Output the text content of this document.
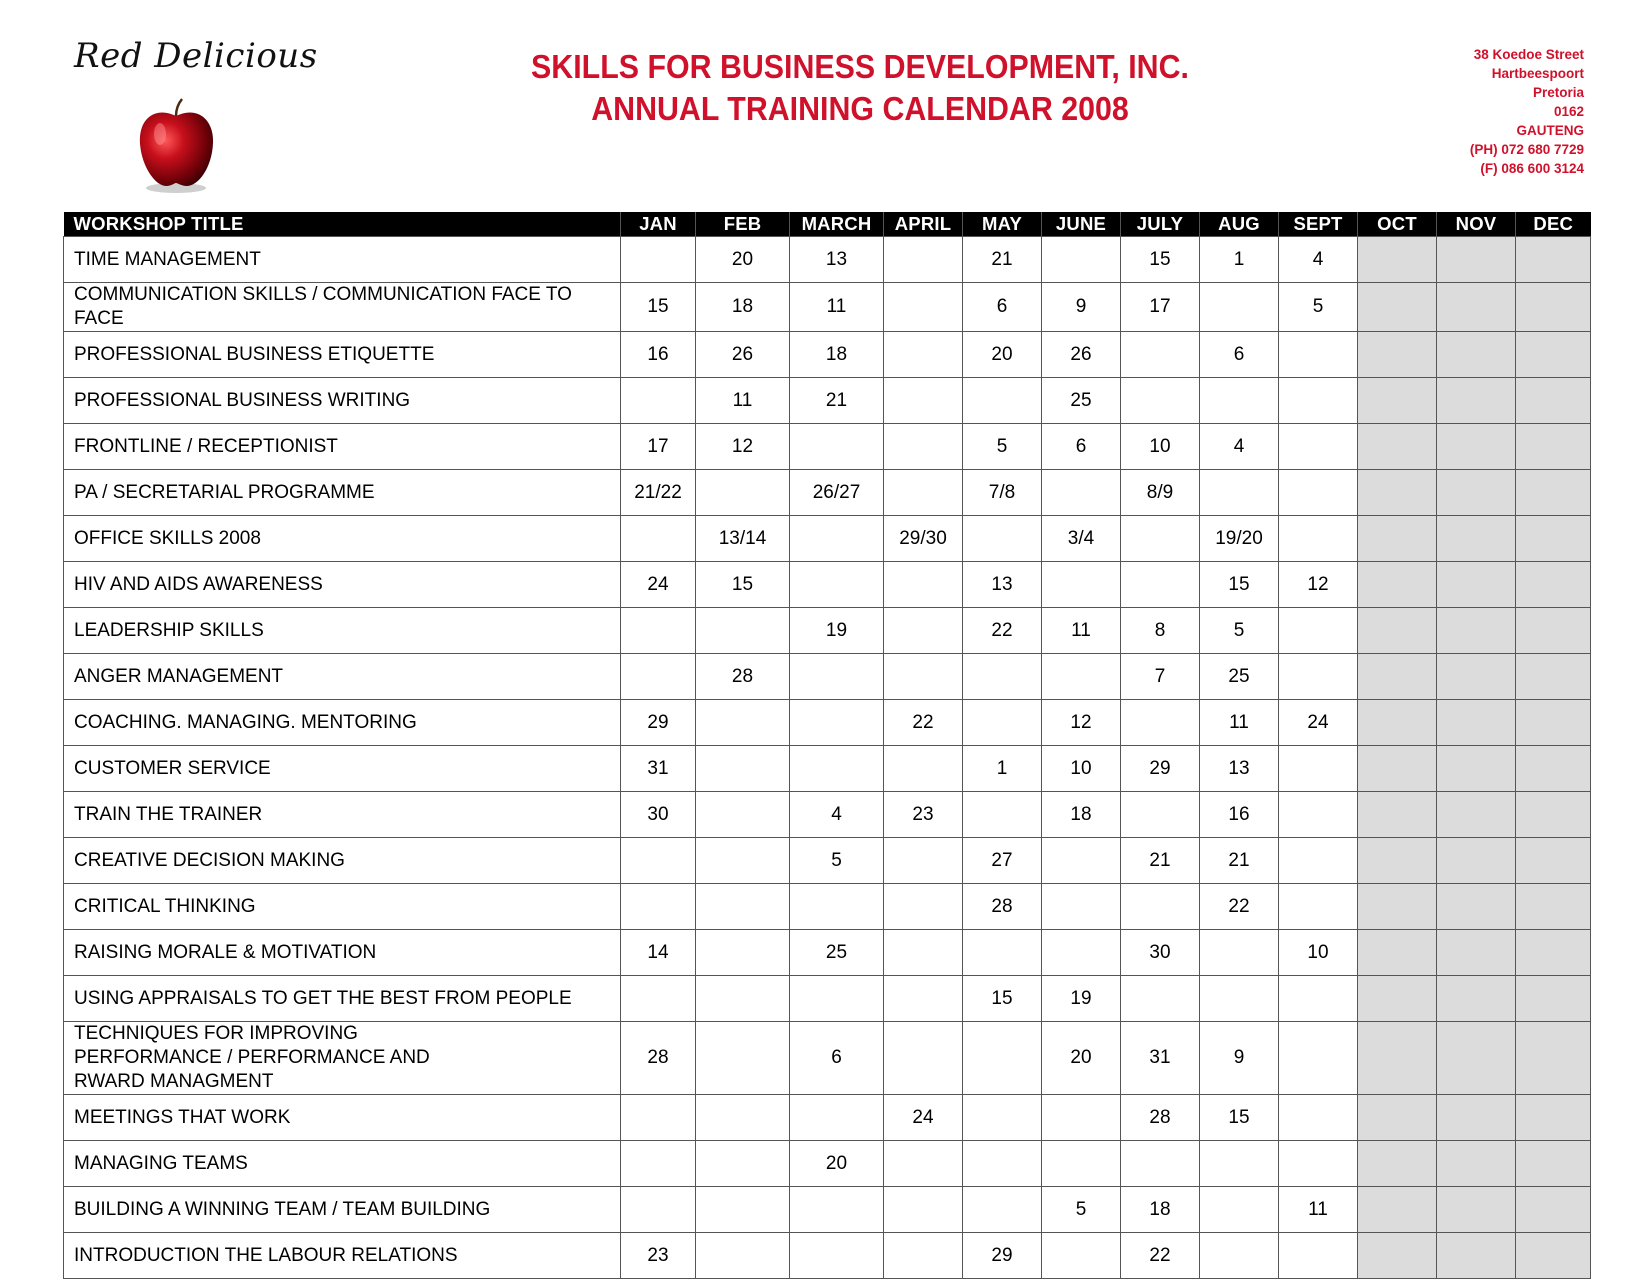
Red Delicious	SKILLS FOR BUSINESS DEVELOPMENT, INC.
ANNUAL TRAINING CALENDAR 2008
38 Koedoe Street
Hartbeespoort
Pretoria
0162
GAUTENG
(PH) 072 680 7729
(F) 086 600 3124
WORKSHOP TITLE	JAN	FEB	MARCH	APRIL	MAY	JUNE	JULY	AUG	SEPT	OCT	NOV	DEC
TIME MANAGEMENT		20	13		21		15	1	4			
COMMUNICATION SKILLS / COMMUNICATION FACE TO FACE	15	18	11		6	9	17		5			
PROFESSIONAL BUSINESS ETIQUETTE	16	26	18		20	26		6				
PROFESSIONAL BUSINESS WRITING		11	21			25						
FRONTLINE / RECEPTIONIST	17	12			5	6	10	4				
PA / SECRETARIAL PROGRAMME	21/22		26/27		7/8		8/9					
OFFICE SKILLS 2008		13/14		29/30		3/4		19/20				
HIV AND AIDS AWARENESS	24	15			13			15	12			
LEADERSHIP SKILLS			19		22	11	8	5				
ANGER MANAGEMENT		28					7	25				
COACHING. MANAGING. MENTORING	29			22		12		11	24			
CUSTOMER SERVICE	31				1	10	29	13				
TRAIN THE TRAINER	30		4	23		18		16				
CREATIVE DECISION MAKING			5		27		21	21				
CRITICAL THINKING					28			22				
RAISING MORALE & MOTIVATION	14		25				30		10			
USING APPRAISALS TO GET THE BEST FROM PEOPLE					15	19						
TECHNIQUES FOR IMPROVING PERFORMANCE / PERFORMANCE AND RWARD MANAGMENT	28		6			20	31	9				
MEETINGS THAT WORK				24			28	15				
MANAGING TEAMS			20									
BUILDING A WINNING TEAM / TEAM BUILDING						5	18		11			
INTRODUCTION THE LABOUR RELATIONS	23				29		22					
